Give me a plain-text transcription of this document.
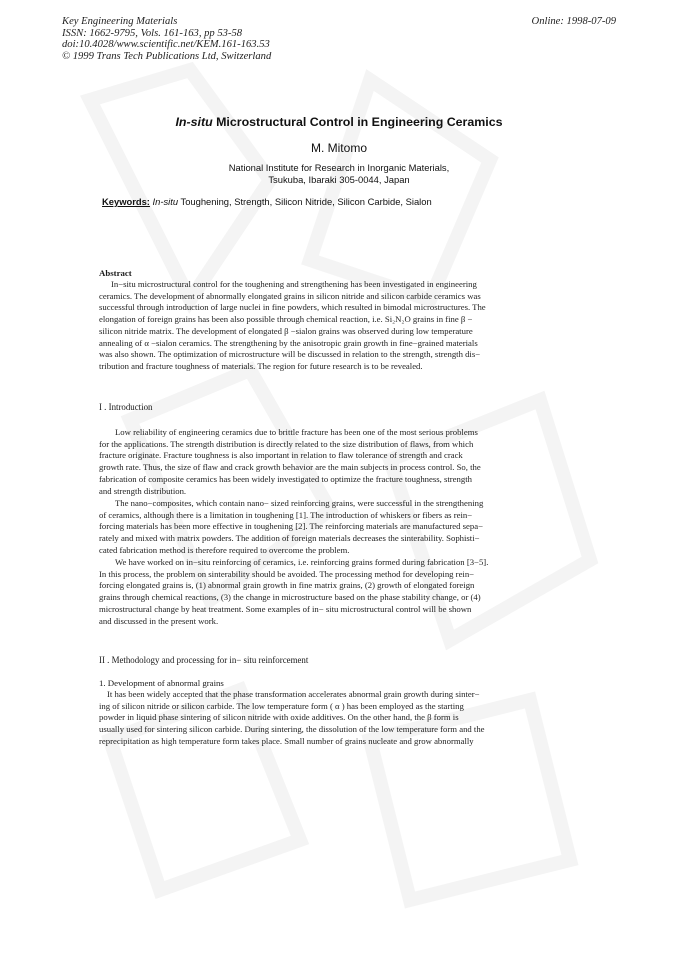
Key Engineering Materials
ISSN: 1662-9795, Vols. 161-163, pp 53-58
doi:10.4028/www.scientific.net/KEM.161-163.53
© 1999 Trans Tech Publications Ltd, Switzerland
Online: 1998-07-09
In-situ Microstructural Control in Engineering Ceramics
M. Mitomo
National Institute for Research in Inorganic Materials,
Tsukuba, Ibaraki 305-0044, Japan
Keywords: In-situ Toughening, Strength, Silicon Nitride, Silicon Carbide, Sialon
Abstract
In−situ microstructural control for the toughening and strengthening has been investigated in engineering
ceramics. The development of abnormally elongated grains in silicon nitride and silicon carbide ceramics was
successful through introduction of large nuclei in fine powders, which resulted in bimodal microstructures. The
elongation of foreign grains has been also possible through chemical reaction, i.e. Si₂N₂O grains in fine β −
silicon nitride matrix. The development of elongated β −sialon grains was observed during low temperature
annealing of α −sialon ceramics. The strengthening by the anisotropic grain growth in fine−grained materials
was also shown. The optimization of microstructure will be discussed in relation to the strength, strength dis−
tribution and fracture toughness of materials. The region for future research is to be revealed.
I . Introduction
Low reliability of engineering ceramics due to brittle fracture has been one of the most serious problems
for the applications. The strength distribution is directly related to the size distribution of flaws, from which
fracture originate. Fracture toughness is also important in relation to flaw tolerance of strength and crack
growth rate. Thus, the size of flaw and crack growth behavior are the main subjects in process control. So, the
fabrication of composite ceramics has been widely investigated to optimize the fracture toughness, strength
and strength distribution.
The nano−composites, which contain nano− sized reinforcing grains, were successful in the strengthening
of ceramics, although there is a limitation in toughening [1]. The introduction of whiskers or fibers as rein−
forcing materials has been more effective in toughening [2]. The reinforcing materials are manufactured sepa−
rately and mixed with matrix powders. The addition of foreign materials decreases the sinterability. Sophisti−
cated fabrication method is therefore required to overcome the problem.
We have worked on in−situ reinforcing of ceramics, i.e. reinforcing grains formed during fabrication [3−5].
In this process, the problem on sinterability should be avoided. The processing method for developing rein−
forcing elongated grains is, (1) abnormal grain growth in fine matrix grains, (2) growth of elongated foreign
grains through chemical reactions, (3) the change in microstructure based on the phase stability change, or (4)
microstructural change by heat treatment. Some examples of in− situ microstructural control will be shown
and discussed in the present work.
II . Methodology and processing for in− situ reinforcement
1. Development of abnormal grains
It has been widely accepted that the phase transformation accelerates abnormal grain growth during sinter−
ing of silicon nitride or silicon carbide. The low temperature form ( α ) has been employed as the starting
powder in liquid phase sintering of silicon nitride with oxide additives. On the other hand, the β form is
usually used for sintering silicon carbide. During sintering, the dissolution of the low temperature form and the
reprecipitation as high temperature form takes place. Small number of grains nucleate and grow abnormally
